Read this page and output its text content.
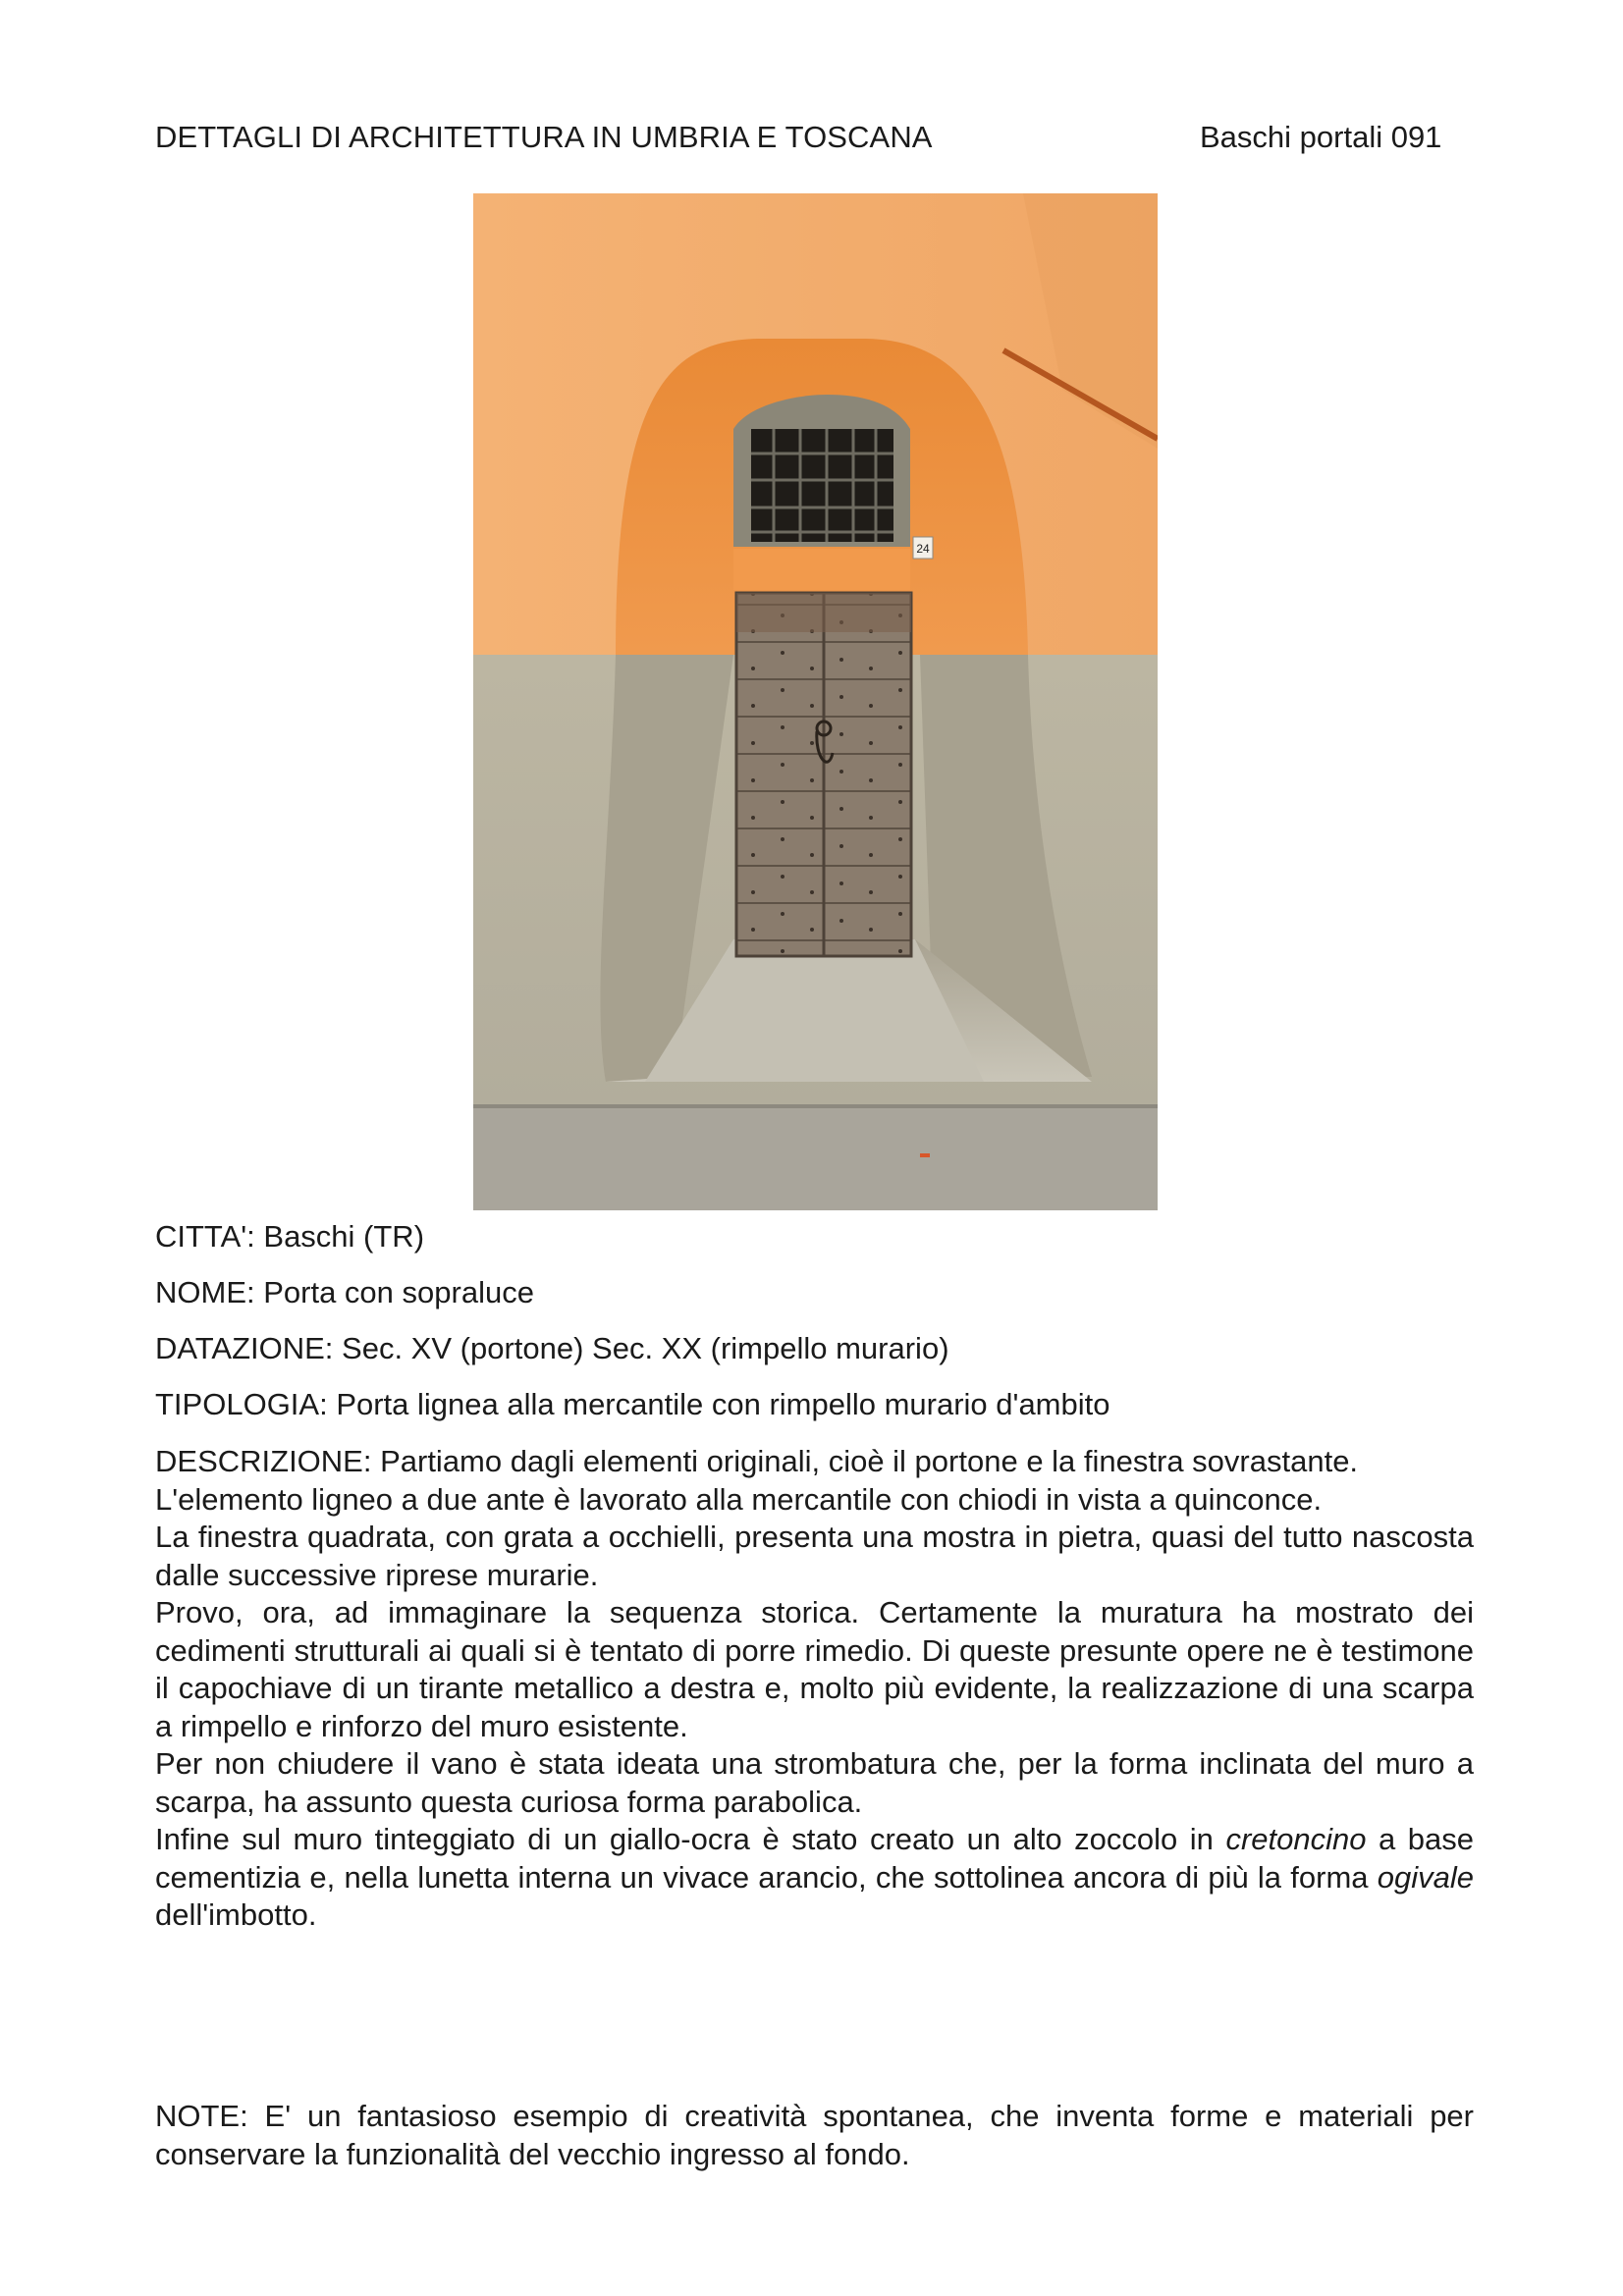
DETTAGLI DI ARCHITETTURA IN UMBRIA E TOSCANA	Baschi portali 091
24
CITTA': Baschi (TR)
NOME: Porta con sopraluce
DATAZIONE: Sec. XV (portone) Sec. XX (rimpello murario)
TIPOLOGIA: Porta lignea alla mercantile con rimpello murario d'ambito

DESCRIZIONE: Partiamo dagli elementi originali, cioè il portone e la finestra sovrastante.

L'elemento ligneo a due ante è lavorato alla mercantile con chiodi in vista a quinconce.

La finestra quadrata, con grata a occhielli, presenta una mostra in pietra, quasi del tutto nascosta dalle successive riprese murarie.

Provo, ora, ad immaginare la sequenza storica. Certamente la muratura ha mostrato dei cedimenti strutturali ai quali si è tentato di porre rimedio. Di queste presunte opere ne è testimone il capochiave di un tirante metallico a destra e, molto più evidente, la realizzazione di una scarpa a rimpello e rinforzo del muro esistente.

Per non chiudere il vano è stata ideata una strombatura che, per la forma inclinata del muro a scarpa, ha assunto questa curiosa forma parabolica.

Infine sul muro tinteggiato di un giallo-ocra è stato creato un alto zoccolo in cretoncino a base cementizia e, nella lunetta interna un vivace arancio, che sottolinea ancora di più la forma ogivale dell'imbotto.

NOTE: E' un fantasioso esempio di creatività spontanea, che inventa forme e materiali per conservare la funzionalità del vecchio ingresso al fondo.
